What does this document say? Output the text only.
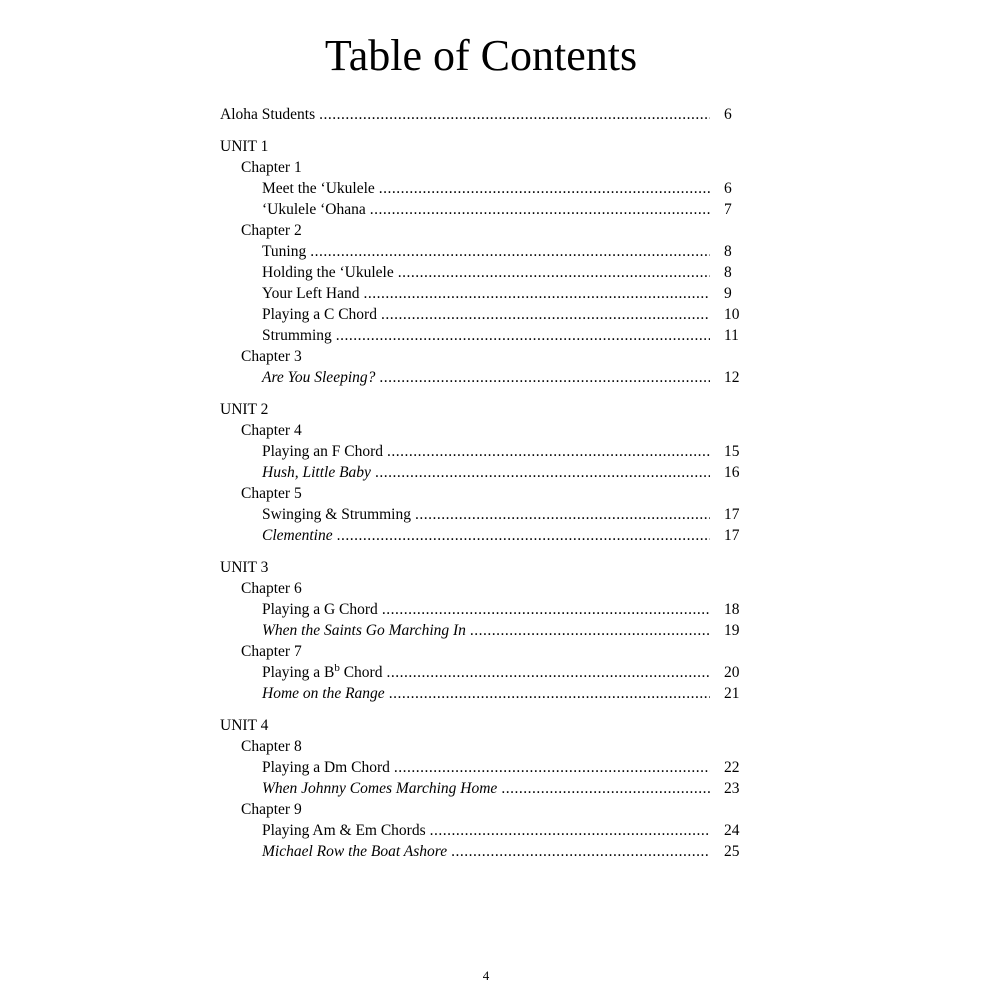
Table of Contents
Aloha Students .....	6
UNIT 1
Chapter 1
Meet the ‘Ukulele .....	6
‘Ukulele ‘Ohana .....	7
Chapter 2
Tuning .....	8
Holding the ‘Ukulele .....	8
Your Left Hand .....	9
Playing a C Chord .....	10
Strumming .....	11
Chapter 3
Are You Sleeping? .....	12
UNIT 2
Chapter 4
Playing an F Chord .....	15
Hush, Little Baby .....	16
Chapter 5
Swinging & Strumming .....	17
Clementine .....	17
UNIT 3
Chapter 6
Playing a G Chord .....	18
When the Saints Go Marching In .....	19
Chapter 7
Playing a $B^b$ Chord .....	20
Home on the Range .....	21
UNIT 4
Chapter 8
Playing a Dm Chord .....	22
When Johnny Comes Marching Home .....	23
Chapter 9
Playing Am & Em Chords .....	24
Michael Row the Boat Ashore .....	25
4
